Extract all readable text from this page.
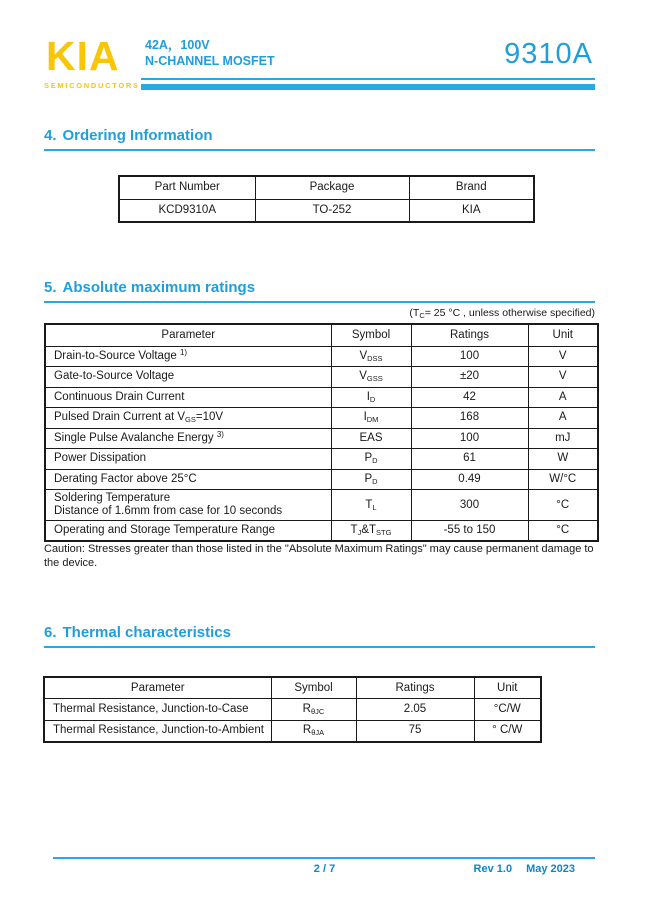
KIA
SEMICONDUCTORS
42A，100V
N-CHANNEL MOSFET	9310A
4. Ordering Information
Part Number	Package	Brand
KCD9310A	TO-252	KIA
5. Absolute maximum ratings
($T_C= 25$ °C , unless otherwise specified)
Parameter	Symbol	Ratings	Unit
Drain-to-Source Voltage $^{1)}$	$V_{DSS}$	100	V
Gate-to-Source Voltage	$V_{GSS}$	±20	V
Continuous Drain Current	$I_D$	42	A
Pulsed Drain Current at $V_{GS}=10V$	$I_{DM}$	168	A
Single Pulse Avalanche Energy $^{3)}$	EAS	100	mJ
Power Dissipation	$P_D$	61	W
Derating Factor above 25°C	$P_D$	0.49	W/°C
Soldering Temperature
Distance of 1.6mm from case for 10 seconds	$T_L$	300	°C
Operating and Storage Temperature Range	$T_J\&T_{STG}$	-55 to 150	°C
Caution: Stresses greater than those listed in the "Absolute Maximum Ratings" may cause permanent damage to the device.
6. Thermal characteristics
Parameter	Symbol	Ratings	Unit
Thermal Resistance, Junction-to-Case	$R_{\theta JC}$	2.05	°C/W
Thermal Resistance, Junction-to-Ambient	$R_{\theta JA}$	75	° C/W
2 / 7	Rev 1.0 May 2023
